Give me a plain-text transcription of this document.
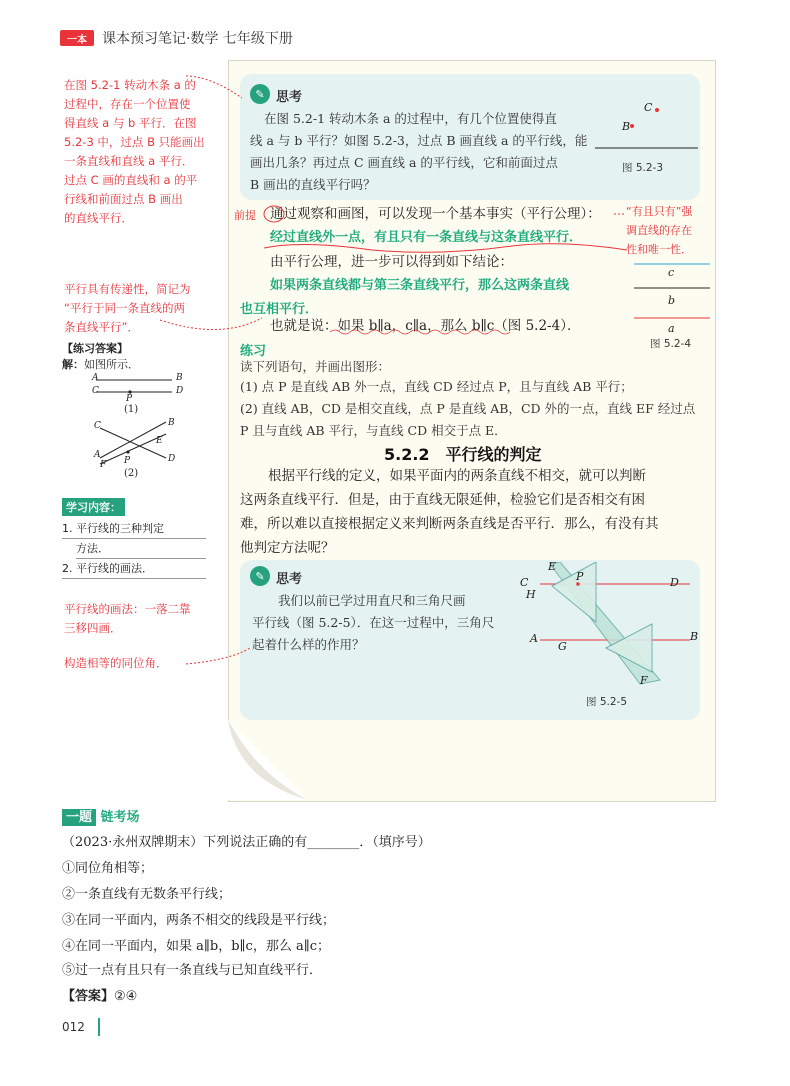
一本	课本预习笔记·数学 七年级下册
✎ 思考
在图 5.2-1 转动木条 a 的过程中，有几个位置使得直
线 a 与 b 平行？如图 5.2-3，过点 B 画直线 a 的平行线，能
画出几条？再过点 C 画直线 a 的平行线，它和前面过点
B 画出的直线平行吗？
C
B
图 5.2-3
前提 通过观察和画图，可以发现一个基本事实（平行公理）：
经过直线外一点，有且只有一条直线与这条直线平行．
由平行公理，进一步可以得到如下结论：
如果两条直线都与第三条直线平行，那么这两条直线
也互相平行．
也就是说：如果 b∥a，c∥a，那么 b∥c（图 5.2-4）．
c
b
a
图 5.2-4
练习
读下列语句，并画出图形：
(1) 点 P 是直线 AB 外一点，直线 CD 经过点 P，且与直线 AB 平行；
(2) 直线 AB，CD 是相交直线，点 P 是直线 AB，CD 外的一点，直线 EF 经过点
P 且与直线 AB 平行，与直线 CD 相交于点 E．
5.2.2　平行线的判定
根据平行线的定义，如果平面内的两条直线不相交，就可以判断
这两条直线平行．但是，由于直线无限延伸，检验它们是否相交有困
难，所以难以直接根据定义来判断两条直线是否平行．那么，有没有其
他判定方法呢？
✎ 思考
我们以前已学过用直尺和三角尺画
平行线（图 5.2-5）．在这一过程中，三角尺
起着什么样的作用？
C
H
E
P	D
A
G
F
B
图 5.2-5
在图 5.2-1 转动木条 a 的
过程中，存在一个位置使
得直线 a 与 b 平行．在图
5.2-3 中，过点 B 只能画出
一条直线和直线 a 平行．
过点 C 画的直线和 a 的平
行线和前面过点 B 画出
的直线平行．	“有且只有”强
调直线的存在
性和唯一性．
平行具有传递性，简记为
“平行于同一条直线的两
条直线平行”．
【练习答案】
解：如图所示．
A	B
C	D
P
(1)
C	B
E
A
F P	D
(2)
学习内容：
1. 平行线的三种判定
方法．
2. 平行线的画法．
平行线的画法：一落二靠
三移四画．
构造相等的同位角．
一题 链考场
（2023·永州双牌期末）下列说法正确的有________．（填序号）
①同位角相等；
②一条直线有无数条平行线；
③在同一平面内，两条不相交的线段是平行线；
④在同一平面内，如果 a∥b，b∥c，那么 a∥c；
⑤过一点有且只有一条直线与已知直线平行．
【答案】②④
012
